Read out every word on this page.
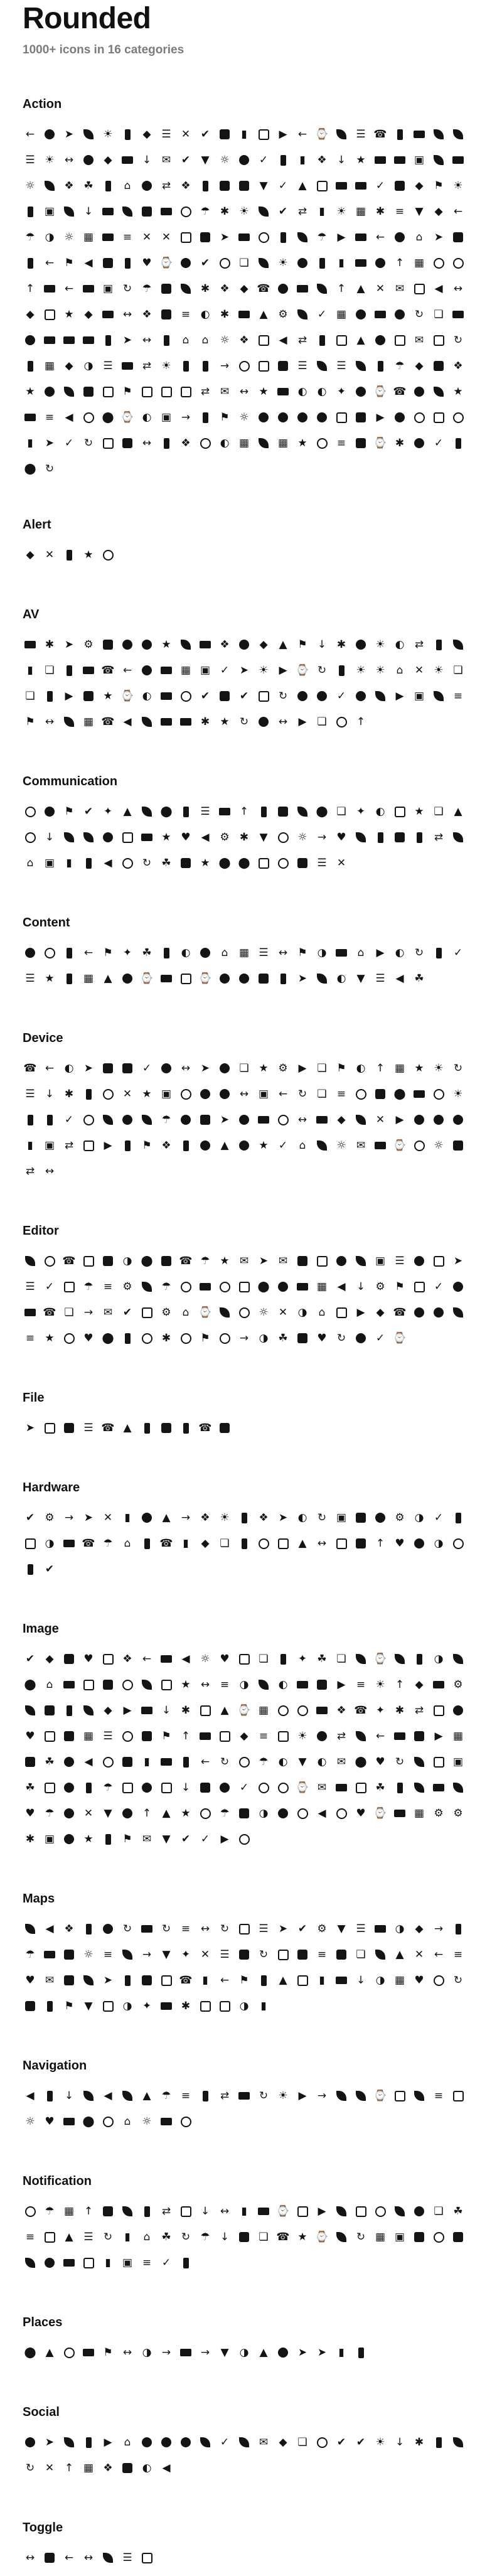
Rounded
1000+ icons in 16 categories
Action
←	➤	☀	◆ ☰ ✕ ✔	▮	▶	← ⌚	☰ ☎
☰ ☀ ↔	◆	↓ ✉ ✔	▼ ☼	✓	▮	❖ ↓ ★	▣
☼	❖ ☘	⌂	⇄ ❖	▼	✓	▲	✓	◆ ⚑ ☀
▣	↓	☂ ✱ ☀	✔ ⇄	▮	☀ ▦ ✱ ≡	▼	◆	←
☂ ◑ ☼ ▦	≡ ✕ ✕	➤	☂ ▶	←	⌂	➤
← ⚑ ◀	♥ ⌚	✔	❏	☀	▮	↑ ▦
↑	←	▣ ↻ ☂	✱ ❖ ◆ ☎	↑	▲	✕ ✉	◀	↔
◆	★ ◆	↔ ❖	≡ ◐ ✱	▲ ⚙	✓ ▦	↻ ❏
➤ ↔	⌂	⌂	☼ ❖	◀	⇄	▲	✉	↻
▦ ◆	◑ ☰	⇄ ☀	→	☰	☰	☂ ◆	❖
★	⚑	⇄ ✉ ↔ ★	◐ ◐ ✦	⌚ ☎	★
≡	◀	⬤ ⌚ ◐ ▣ →	⚑ ☼	▶
▮	➤ ✓ ↻	↔	❖	◐ ▦	▦ ★	≡	⌚ ✱	✓
⬤ ↻
Alert
◆	✕	★
AV
✱ ➤ ⚙	★	❖	◆	▲ ⚑ ↓ ✱	☀ ◐ ⇄
▮	❏	☎ ←	▦ ▣ ✓ ➤ ☀ ▶ ⌚ ↻	☀ ☀	⌂	✕ ☀ ❏
❏	▶	★ ⌚ ◐	✔	✔	↻	✓	▶ ▣	≡
⚑ ↔	▦ ☎ ◀	✱ ★ ↻	↔	▶ ❏	↑
Communication
⚑ ✔ ✦	▲	⬤	☰	↑	⬤ ❏ ✦ ◐	★ ❏ ▲
↓	★ ♥ ◀ ⚙ ✱	▼	☼ → ♥	⇄
⌂	▣	▮	◀	↻ ☘	★ ⬤ ⬤	☰ ✕
Content
← ⚑ ✦ ☘	◐	⌂	▦ ☰ ↔ ⚑ ◑	⌂	▶	◐ ↻	✓
☰ ★	▦ ▲	⌚	⌚	➤	◐	▼ ☰ ◀ ☘
Device
☎ ← ◐ ➤	✓	↔ ➤	❏ ★ ⚙ ▶ ❏ ⚑ ◐ ↑ ▦ ★ ☀ ↻
☰ ↓ ✱	✕ ★ ▣	↔ ▣ ← ↻ ❏ ≡	⬤	☀
✓	☂	➤	↔	◆	✕	▶
▮	▣ ⇄	▶	⚑ ❖	▲	★ ✓	⌂	☼ ✉	⌚	☼
⇄ ↔
Editor
☎	◑ ⬤ ☎ ☂ ★ ✉ ➤ ✉	▣ ☰	➤
☰ ✓	☂ ≡ ⚙	☂	⬤	▦ ◀	↓ ⚙ ⚑	✓
☎ ❏ → ✉ ✔	⚙	⌂ ⌚	☼ ✕ ◑	⌂	▶	◆ ☎
≡ ★	♥ ⬤	✱	⚑	→ ◑ ☘	♥ ↻	✓ ⌚
File
➤	☰ ☎ ▲	☎
Hardware
✔ ⚙ → ➤ ✕	▮	▲	→ ❖ ☀	❖ ➤ ◐ ↻ ▣	⚙ ◑ ✓
◑	☎ ☂	⌂	☎ ▮	◆ ❏	▲	↔	↑ ♥	◑
✔
Image
✔	◆	♥	❖ ←	◀ ☼ ♥	❏	✦ ☘ ❏	⌚	◑
⬤ ⌂	★ ↔ ≡ ◑	◐	▶	≡ ☀ ↑	◆	⚙
◆	▶	↓ ✱	▲ ⌚ ▦	❖ ☎ ✦ ✱ ⇄
♥	▦ ☰	⚑ ↑	◆	≡	☀	⇄	←	▶ ▦
☘	◀	▮	← ↻	☂ ◐	▼	◐ ✉ ⬤ ♥ ↻	▣
☘	☂	↓	✓	⌚ ✉	☘
♥ ☂	✕	▼	↑	▲ ★	☂	◑	◀	♥ ⌚	▦ ⚙ ⚙
✱ ▣	★	⚑ ✉	▼	✔ ✓	▶
Maps
◀ ❖	↻	↻ ≡ ↔ ↻	☰ ➤ ✔ ⚙ ▼ ☰	◑	◆	→
☂	☼ ≡	→	▼	✦ ✕ ☰	↻	≡	❏	▲	✕ ← ≡
♥ ✉	➤	☎ ▮	← ⚑	▲	▮	↓ ◑ ▦ ♥	↻
⚑ ▼	◑ ✦	✱	◑	▮
Navigation
◀	↓	◀	▲ ☂ ≡	⇄	↻ ☀ ▶	→	⌚	≡
☼ ♥	⬤	⌂	☼
Notification
☂ ▦ ↑	⇄	↓ ↔	▮	⌚	▶	❏ ☘
≡	▲ ☰ ↻	▮	⌂	☘ ↻ ☂ ↓	❏ ☎ ★ ⌚	↻ ▦ ▣
▮	▣ ≡ ✓
Places
⬤ ▲	⚑ ↔ ◑ →	→	▼	◑	▲	➤ ➤	▮
Social
➤	▶	⌂	✓	✉	◆ ❏	✔ ✔ ☀ ↓ ✱
↻ ✕ ↑ ▦ ❖	◐	◀
Toggle
↔	← ↔	☰
